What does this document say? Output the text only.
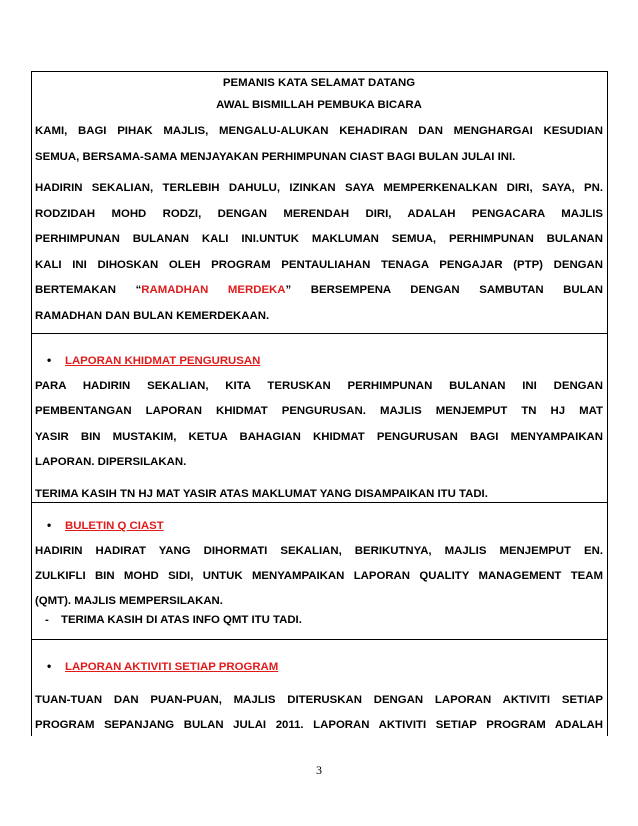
PEMANIS KATA SELAMAT DATANG
AWAL BISMILLAH PEMBUKA BICARA
KAMI, BAGI PIHAK MAJLIS, MENGALU-ALUKAN KEHADIRAN DAN MENGHARGAI KESUDIAN
SEMUA, BERSAMA-SAMA MENJAYAKAN PERHIMPUNAN CIAST BAGI BULAN JULAI INI.
HADIRIN SEKALIAN, TERLEBIH DAHULU, IZINKAN SAYA MEMPERKENALKAN DIRI, SAYA, PN.
RODZIDAH MOHD RODZI, DENGAN MERENDAH DIRI, ADALAH PENGACARA MAJLIS
PERHIMPUNAN BULANAN KALI INI.UNTUK MAKLUMAN SEMUA, PERHIMPUNAN BULANAN
KALI INI DIHOSKAN OLEH PROGRAM PENTAULIAHAN TENAGA PENGAJAR (PTP) DENGAN
BERTEMAKAN “RAMADHAN MERDEKA” BERSEMPENA DENGAN SAMBUTAN BULAN
RAMADHAN DAN BULAN KEMERDEKAAN.
• LAPORAN KHIDMAT PENGURUSAN
PARA HADIRIN SEKALIAN, KITA TERUSKAN PERHIMPUNAN BULANAN INI DENGAN
PEMBENTANGAN LAPORAN KHIDMAT PENGURUSAN. MAJLIS MENJEMPUT TN HJ MAT
YASIR BIN MUSTAKIM, KETUA BAHAGIAN KHIDMAT PENGURUSAN BAGI MENYAMPAIKAN
LAPORAN. DIPERSILAKAN.
TERIMA KASIH TN HJ MAT YASIR ATAS MAKLUMAT YANG DISAMPAIKAN ITU TADI.
• BULETIN Q CIAST
HADIRIN HADIRAT YANG DIHORMATI SEKALIAN, BERIKUTNYA, MAJLIS MENJEMPUT EN.
ZULKIFLI BIN MOHD SIDI, UNTUK MENYAMPAIKAN LAPORAN QUALITY MANAGEMENT TEAM
(QMT). MAJLIS MEMPERSILAKAN.
- TERIMA KASIH DI ATAS INFO QMT ITU TADI.
• LAPORAN AKTIVITI SETIAP PROGRAM
TUAN-TUAN DAN PUAN-PUAN, MAJLIS DITERUSKAN DENGAN LAPORAN AKTIVITI SETIAP
PROGRAM SEPANJANG BULAN JULAI 2011. LAPORAN AKTIVITI SETIAP PROGRAM ADALAH
3
